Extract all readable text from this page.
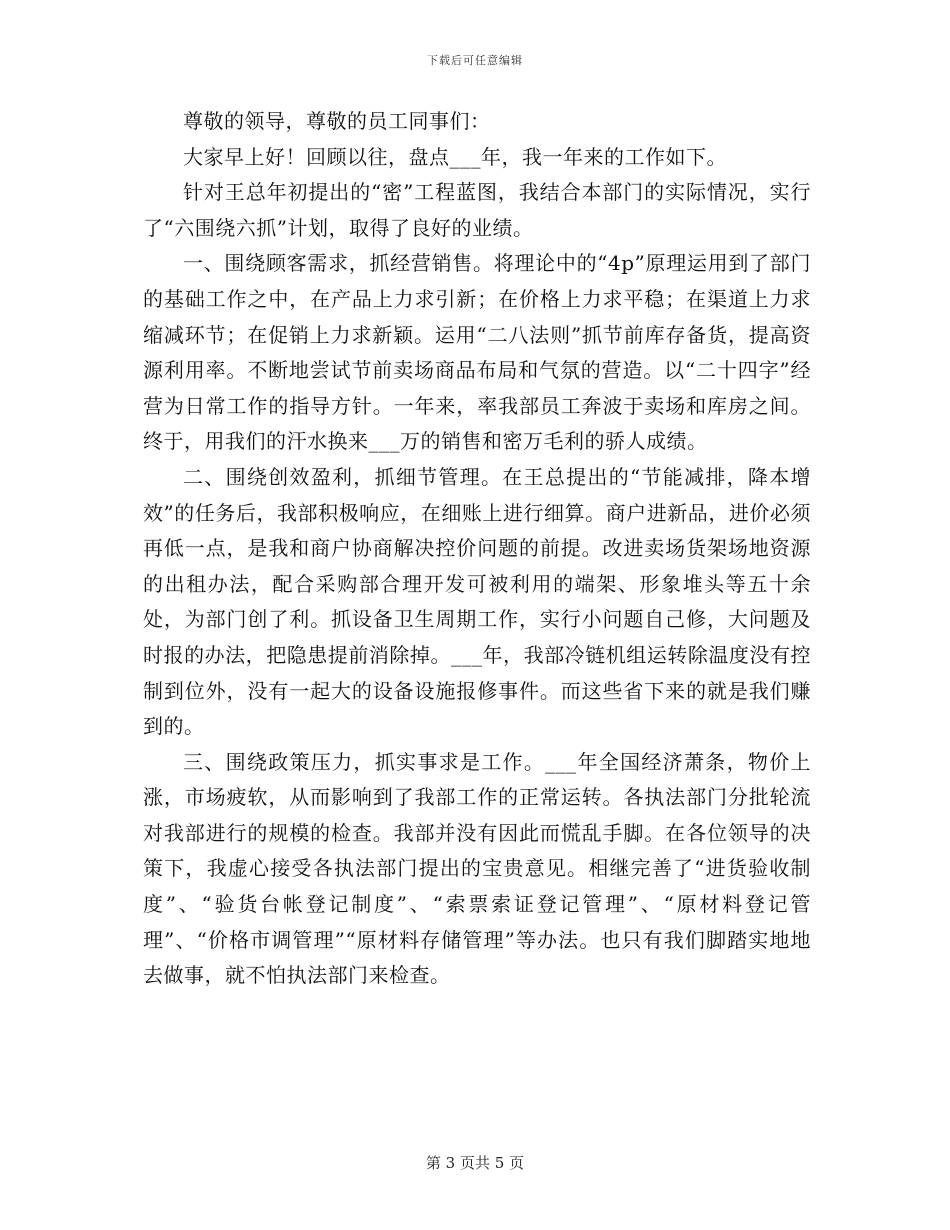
下载后可任意编辑

尊敬的领导，尊敬的员工同事们：

大家早上好！回顾以往，盘点___年，我一年来的工作如下。

针对王总年初提出的“密”工程蓝图，我结合本部门的实际情况，实行了“六围绕六抓”计划，取得了良好的业绩。

一、围绕顾客需求，抓经营销售。将理论中的“4p”原理运用到了部门的基础工作之中，在产品上力求引新；在价格上力求平稳；在渠道上力求缩减环节；在促销上力求新颖。运用“二八法则”抓节前库存备货，提高资源利用率。不断地尝试节前卖场商品布局和气氛的营造。以“二十四字”经营为日常工作的指导方针。一年来，率我部员工奔波于卖场和库房之间。终于，用我们的汗水换来___万的销售和密万毛利的骄人成绩。

二、围绕创效盈利，抓细节管理。在王总提出的“节能减排，降本增效”的任务后，我部积极响应，在细账上进行细算。商户进新品，进价必须再低一点，是我和商户协商解决控价问题的前提。改进卖场货架场地资源的出租办法，配合采购部合理开发可被利用的端架、形象堆头等五十余处，为部门创了利。抓设备卫生周期工作，实行小问题自己修，大问题及时报的办法，把隐患提前消除掉。___年，我部冷链机组运转除温度没有控制到位外，没有一起大的设备设施报修事件。而这些省下来的就是我们赚到的。

三、围绕政策压力，抓实事求是工作。___年全国经济萧条，物价上涨，市场疲软，从而影响到了我部工作的正常运转。各执法部门分批轮流对我部进行的规模的检查。我部并没有因此而慌乱手脚。在各位领导的决策下，我虚心接受各执法部门提出的宝贵意见。相继完善了“进货验收制度”、“验货台帐登记制度”、“索票索证登记管理”、“原材料登记管理”、“价格市调管理”“原材料存储管理”等办法。也只有我们脚踏实地地去做事，就不怕执法部门来检查。

第 3 页共 5 页
